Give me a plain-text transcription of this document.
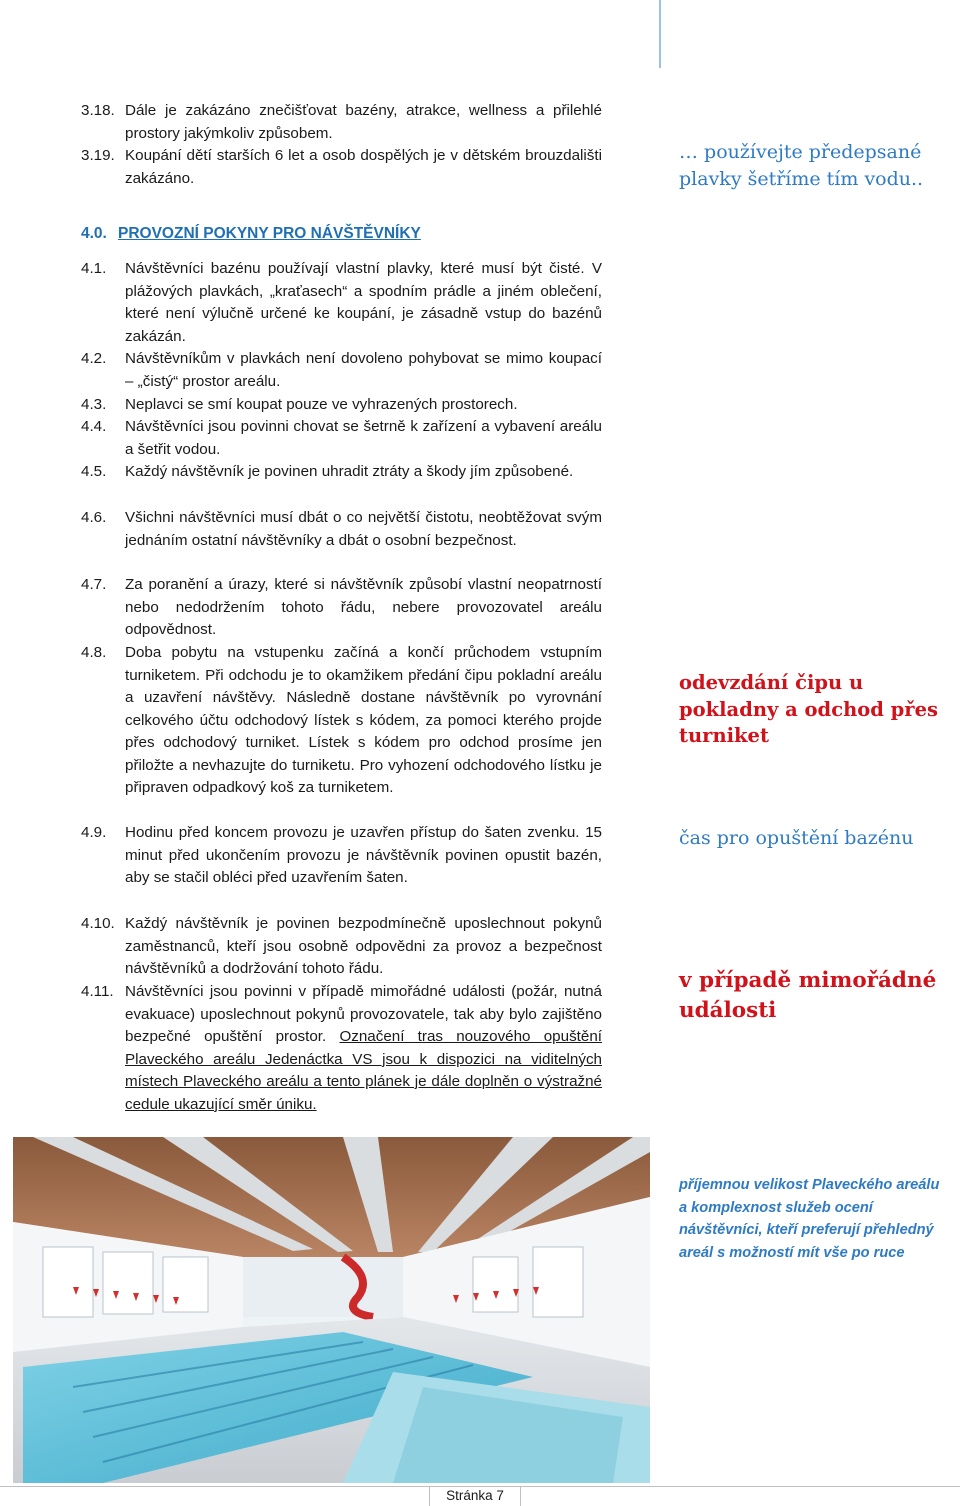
3.18. Dále je zakázáno znečišťovat bazény, atrakce, wellness a přilehlé prostory jakýmkoliv způsobem.
3.19. Koupání dětí starších 6 let a osob dospělých je v dětském brouzdališti zakázáno.
4.0. PROVOZNÍ POKYNY PRO NÁVŠTĚVNÍKY
4.1. Návštěvníci bazénu používají vlastní plavky, které musí být čisté. V plážových plavkách, „kraťasech“ a spodním prádle a jiném oblečení, které není výlučně určené ke koupání, je zásadně vstup do bazénů zakázán.
4.2. Návštěvníkům v plavkách není dovoleno pohybovat se mimo koupací – „čistý“ prostor areálu.
4.3. Neplavci se smí koupat pouze ve vyhrazených prostorech.
4.4. Návštěvníci jsou povinni chovat se šetrně k zařízení a vybavení areálu a šetřit vodou.
4.5. Každý návštěvník je povinen uhradit ztráty a škody jím způsobené.
4.6. Všichni návštěvníci musí dbát o co největší čistotu, neobtěžovat svým jednáním ostatní návštěvníky a dbát o osobní bezpečnost.
4.7. Za poranění a úrazy, které si návštěvník způsobí vlastní neopatrností nebo nedodržením tohoto řádu, nebere provozovatel areálu odpovědnost.
4.8. Doba pobytu na vstupenku začíná a končí průchodem vstupním turniketem. Při odchodu je to okamžikem předání čipu pokladní areálu a uzavření návštěvy. Následně dostane návštěvník po vyrovnání celkového účtu odchodový lístek s kódem, za pomoci kterého projde přes odchodový turniket. Lístek s kódem pro odchod prosíme jen přiložte a nevhazujte do turniketu. Pro vyhození odchodového lístku je připraven odpadkový koš za turniketem.
4.9. Hodinu před koncem provozu je uzavřen přístup do šaten zvenku. 15 minut před ukončením provozu je návštěvník povinen opustit bazén, aby se stačil obléci před uzavřením šaten.
4.10. Každý návštěvník je povinen bezpodmínečně uposlechnout pokynů zaměstnanců, kteří jsou osobně odpovědni za provoz a bezpečnost návštěvníků a dodržování tohoto řádu.
4.11. Návštěvníci jsou povinni v případě mimořádné události (požár, nutná evakuace) uposlechnout pokynů provozovatele, tak aby bylo zajištěno bezpečné opuštění prostor. Označení tras nouzového opuštění Plaveckého areálu Jedenáctka VS jsou k dispozici na viditelných místech Plaveckého areálu a tento plánek je dále doplněn o výstražné cedule ukazující směr úniku.
… používejte předepsané plavky šetříme tím vodu..
odevzdání čipu u pokladny a odchod přes turniket
čas pro opuštění bazénu
v případě mimořádné události
příjemnou velikost Plaveckého areálu a komplexnost služeb ocení návštěvníci, kteří preferují přehledný areál s možností mít vše po ruce
Stránka 7
